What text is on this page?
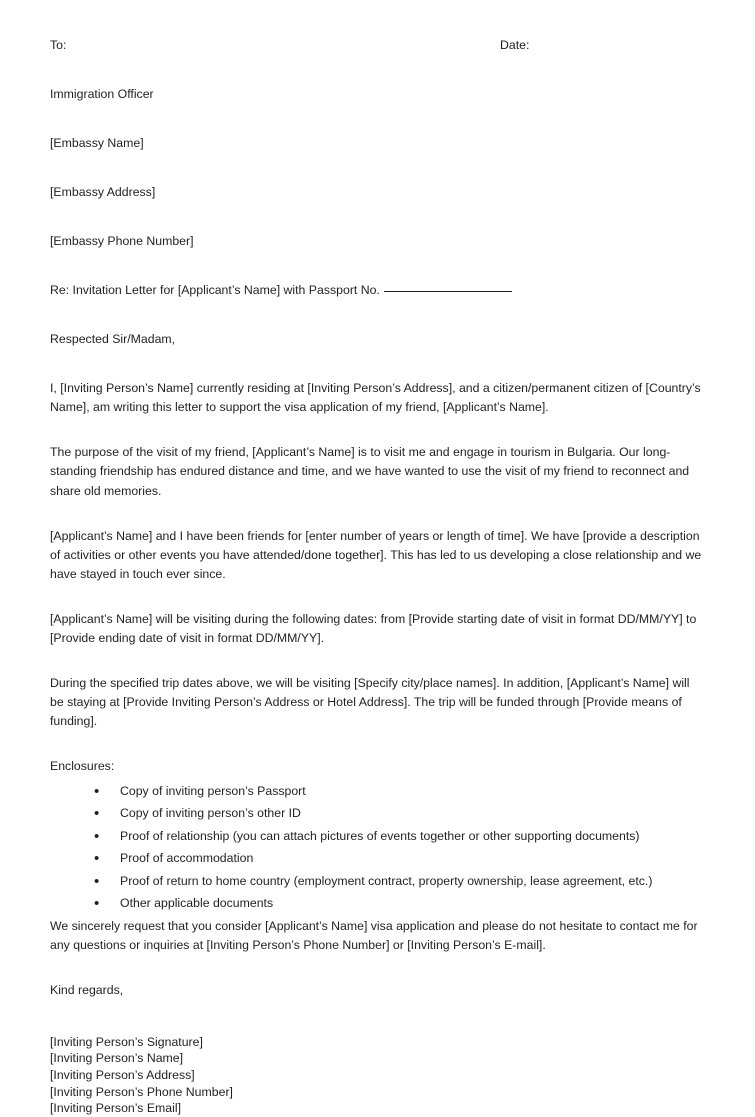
To:	Date:

Immigration Officer

[Embassy Name]

[Embassy Address]

[Embassy Phone Number]

Re: Invitation Letter for [Applicant’s Name] with Passport No.

Respected Sir/Madam,

I, [Inviting Person’s Name] currently residing at [Inviting Person’s Address], and a citizen/permanent citizen of [Country’s Name], am writing this letter to support the visa application of my friend, [Applicant’s Name].

The purpose of the visit of my friend, [Applicant’s Name] is to visit me and engage in tourism in Bulgaria. Our long-standing friendship has endured distance and time, and we have wanted to use the visit of my friend to reconnect and share old memories.

[Applicant’s Name] and I have been friends for [enter number of years or length of time]. We have [provide a description of activities or other events you have attended/done together]. This has led to us developing a close relationship and we have stayed in touch ever since.

[Applicant’s Name] will be visiting during the following dates: from [Provide starting date of visit in format DD/MM/YY] to [Provide ending date of visit in format DD/MM/YY].

During the specified trip dates above, we will be visiting [Specify city/place names]. In addition, [Applicant’s Name] will be staying at [Provide Inviting Person’s Address or Hotel Address]. The trip will be funded through [Provide means of funding].

Enclosures:

• Copy of inviting person’s Passport
• Copy of inviting person’s other ID
• Proof of relationship (you can attach pictures of events together or other supporting documents)
• Proof of accommodation
• Proof of return to home country (employment contract, property ownership, lease agreement, etc.)
• Other applicable documents

We sincerely request that you consider [Applicant’s Name] visa application and please do not hesitate to contact me for any questions or inquiries at [Inviting Person’s Phone Number] or [Inviting Person’s E-mail].

Kind regards,

[Inviting Person’s Signature]
[Inviting Person’s Name]
[Inviting Person’s Address]
[Inviting Person’s Phone Number]
[Inviting Person’s Email]
